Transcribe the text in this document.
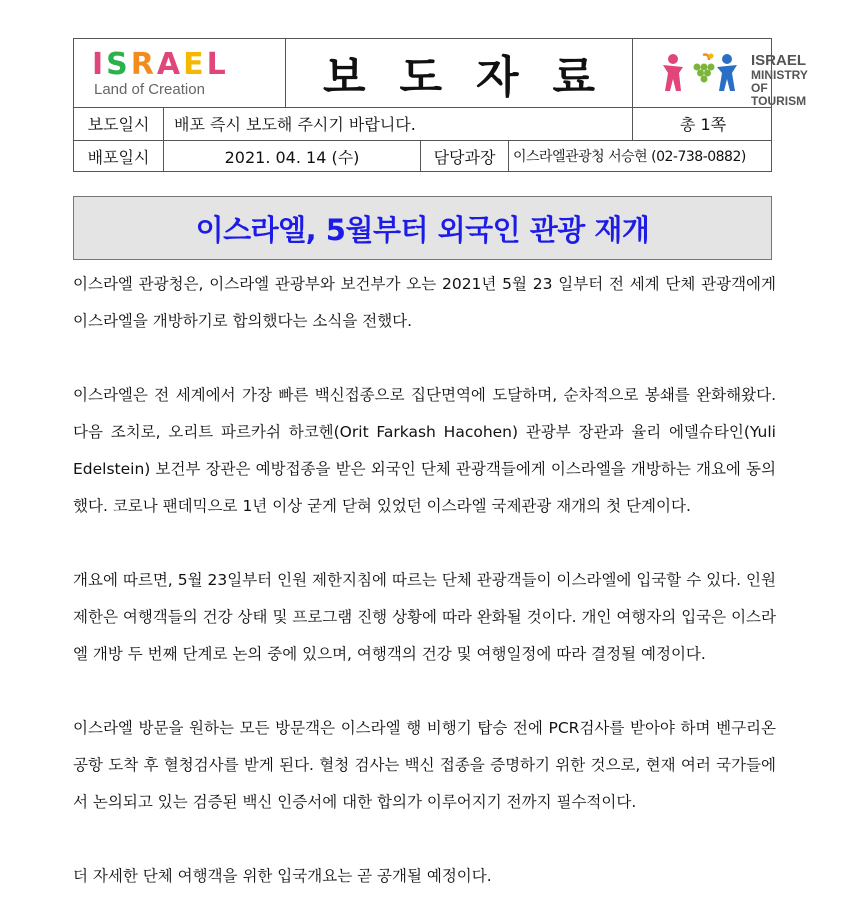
I S R A E L
Land of Creation	보 도 자 료	ISRAEL
MINISTRY
OF TOURISM
보도일시	배포 즉시 보도해 주시기 바랍니다.	총 1쪽
배포일시	2021. 04. 14 (수)	담당과장	이스라엘관광청 서승현 (02-738-0882)
이스라엘, 5월부터 외국인 관광 재개

이스라엘 관광청은, 이스라엘 관광부와 보건부가 오는 2021년 5월 23 일부터 전 세계 단체 관광객에게 이스라엘을 개방하기로 합의했다는 소식을 전했다.

이스라엘은 전 세계에서 가장 빠른 백신접종으로 집단면역에 도달하며, 순차적으로 봉쇄를 완화해왔다. 다음 조치로, 오리트 파르카쉬 하코헨(Orit Farkash Hacohen) 관광부 장관과 율리 에델슈타인(Yuli Edelstein) 보건부 장관은 예방접종을 받은 외국인 단체 관광객들에게 이스라엘을 개방하는 개요에 동의했다. 코로나 팬데믹으로 1년 이상 굳게 닫혀 있었던 이스라엘 국제관광 재개의 첫 단계이다.

개요에 따르면, 5월 23일부터 인원 제한지침에 따르는 단체 관광객들이 이스라엘에 입국할 수 있다. 인원 제한은 여행객들의 건강 상태 및 프로그램 진행 상황에 따라 완화될 것이다. 개인 여행자의 입국은 이스라엘 개방 두 번째 단계로 논의 중에 있으며, 여행객의 건강 및 여행일정에 따라 결정될 예정이다.

이스라엘 방문을 원하는 모든 방문객은 이스라엘 행 비행기 탑승 전에 PCR검사를 받아야 하며 벤구리온 공항 도착 후 혈청검사를 받게 된다. 혈청 검사는 백신 접종을 증명하기 위한 것으로, 현재 여러 국가들에서 논의되고 있는 검증된 백신 인증서에 대한 합의가 이루어지기 전까지 필수적이다.

더 자세한 단체 여행객을 위한 입국개요는 곧 공개될 예정이다.
